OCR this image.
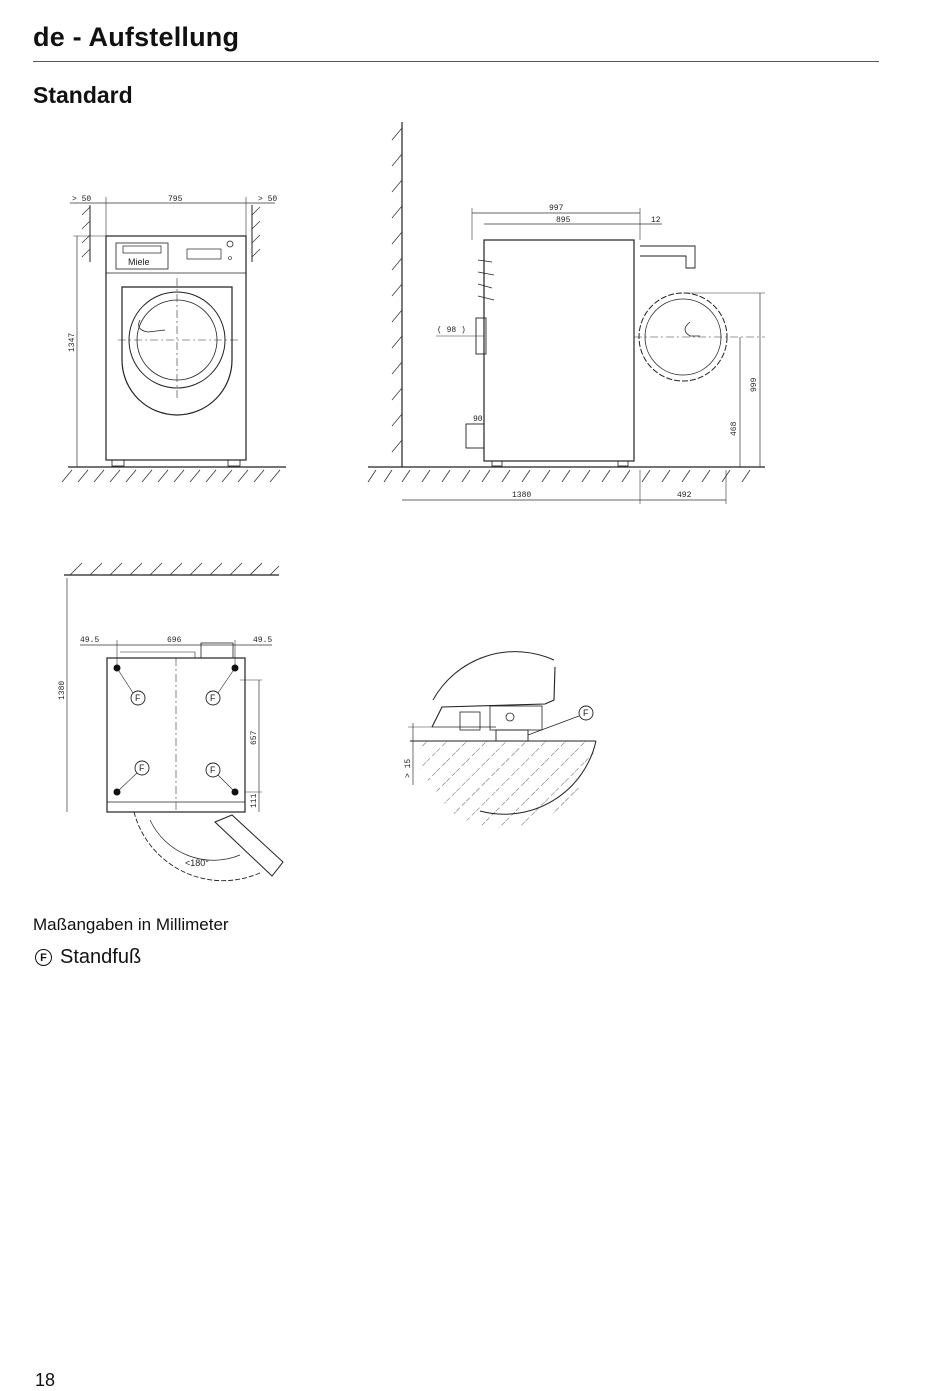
de - Aufstellung
Standard
> 50	795	> 50
1347
Miele
997
895	12
( 98 )
90
999
468
1380	492
1380
49.5	696	49.5
F	F
F	F
657
111
<180°
> 15
F
Maßangaben in Millimeter
F Standfuß
18
